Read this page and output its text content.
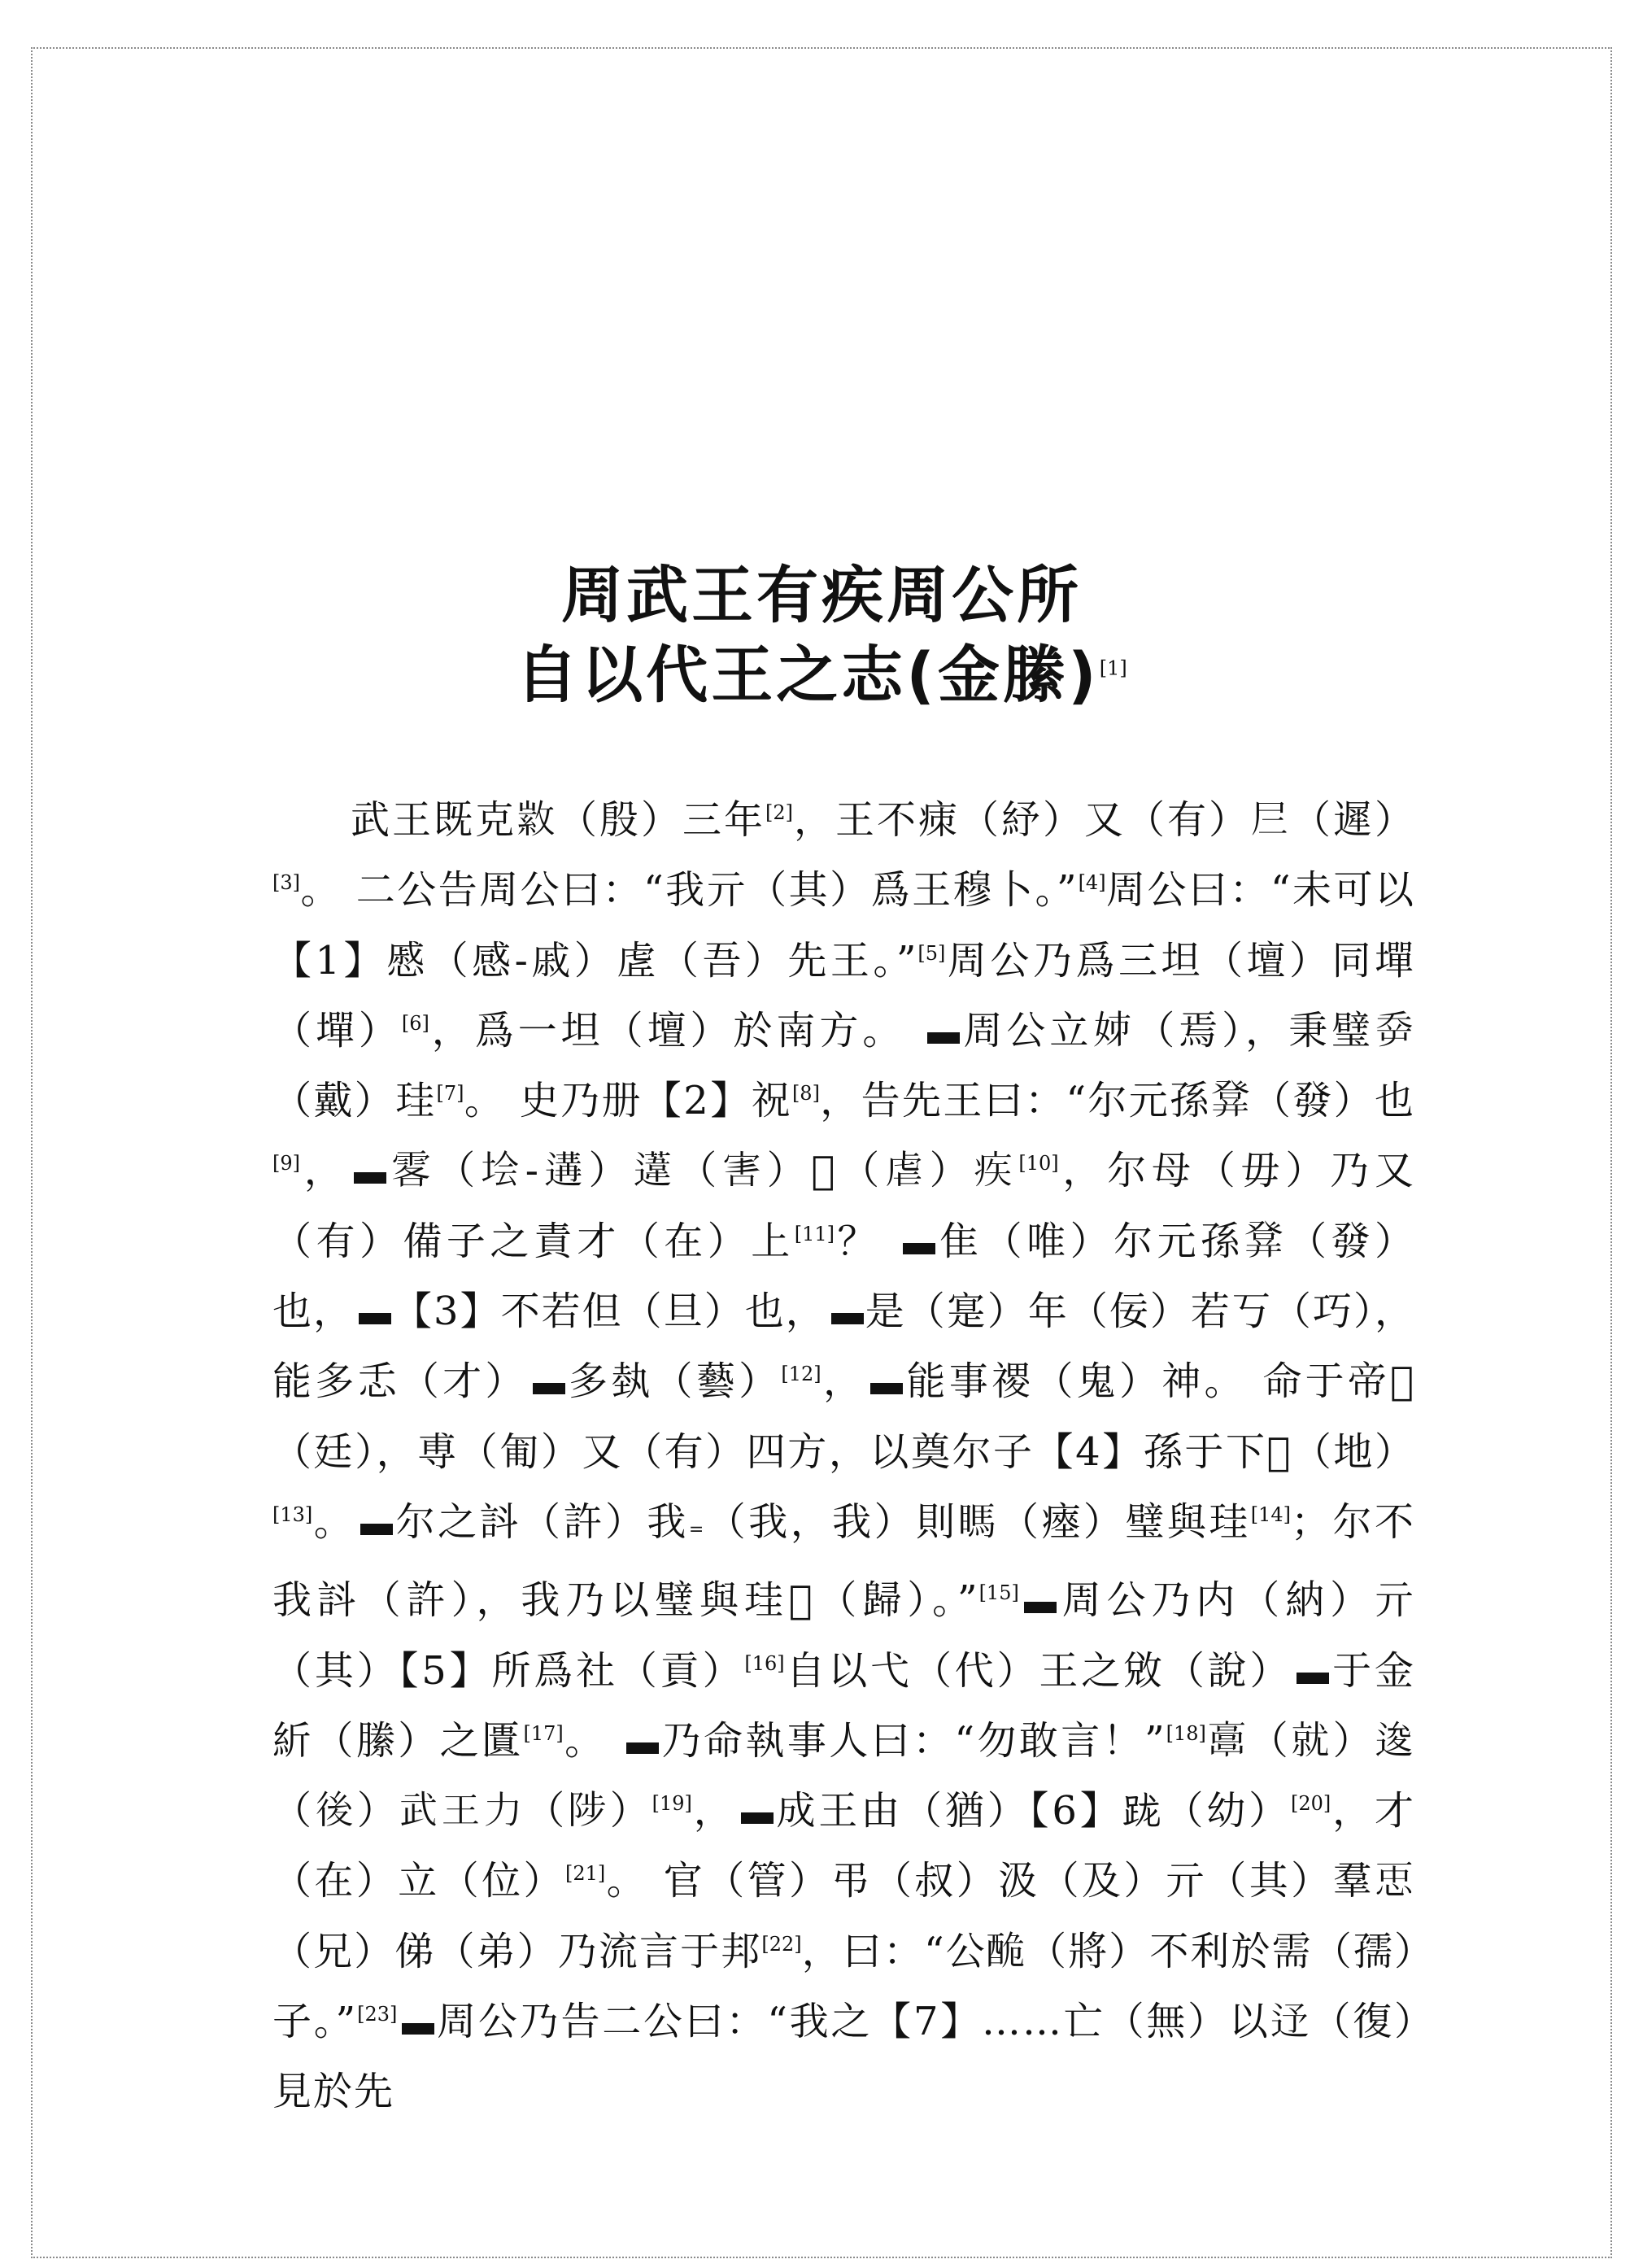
周武王有疾周公所
自以代王之志(金縢)[1]

武王既克𢾰（殷）三年[2]，王不㾊（紓）又（有）𡰥（遲）[3]。 二公告周公曰：“我亓（其）爲王穆卜。”[4]周公曰：“未可以【1】慼（感-戚）虗（吾）先王。”[5]周公乃爲三坦（壇）同墠（墠）[6]，爲一坦（壇）於南方。 周公立𡛷（焉），秉璧𡴘（戴）珪[7]。 史乃册【2】祝[8]，告先王曰：“尔元孫𤼷（發）也[9]， 𩂣（𡋗-遘）𨗨（害）𧇩（虐）疾[10]，尔母（毋）乃又（有）備子之責才（在）上[11]？ 隹（唯）尔元孫𤼷（發）也， 【3】不若但（旦）也， 是（寔）年（佞）若丂（巧），能多忎（才） 多埶（藝）[12]， 能事禝（鬼）神。 命于帝𨑻（廷），尃（匍）又（有）四方，以奠尔子【4】孫于下𡐞（地）[13]。 尔之䚵（許）我=（我，我）則𥉊（瘞）璧與珪[14]；尔不我䚵（許），我乃以璧與珪𨘘（歸）。”[15] 周公乃内（納）亓（其）【5】所爲社（貢）[16]自以弋（代）王之敓（說） 于金紤（縢）之匱[17]。 乃命執事人曰：“勿敢言！”[18]𩫖（就）逡（後）武王力（陟）[19]， 成王由（猶）【6】𨀁（幼）[20]，才（在）立（位）[21]。 官（管）弔（叔）汲（及）亓（其）羣𢘑（兄）俤（弟）乃流言于邦[22]，曰：“公𨠥（將）不利於需（孺）子。”[23] 周公乃告二公曰：“我之【7】……亡（無）以𨑦（復）見於先
